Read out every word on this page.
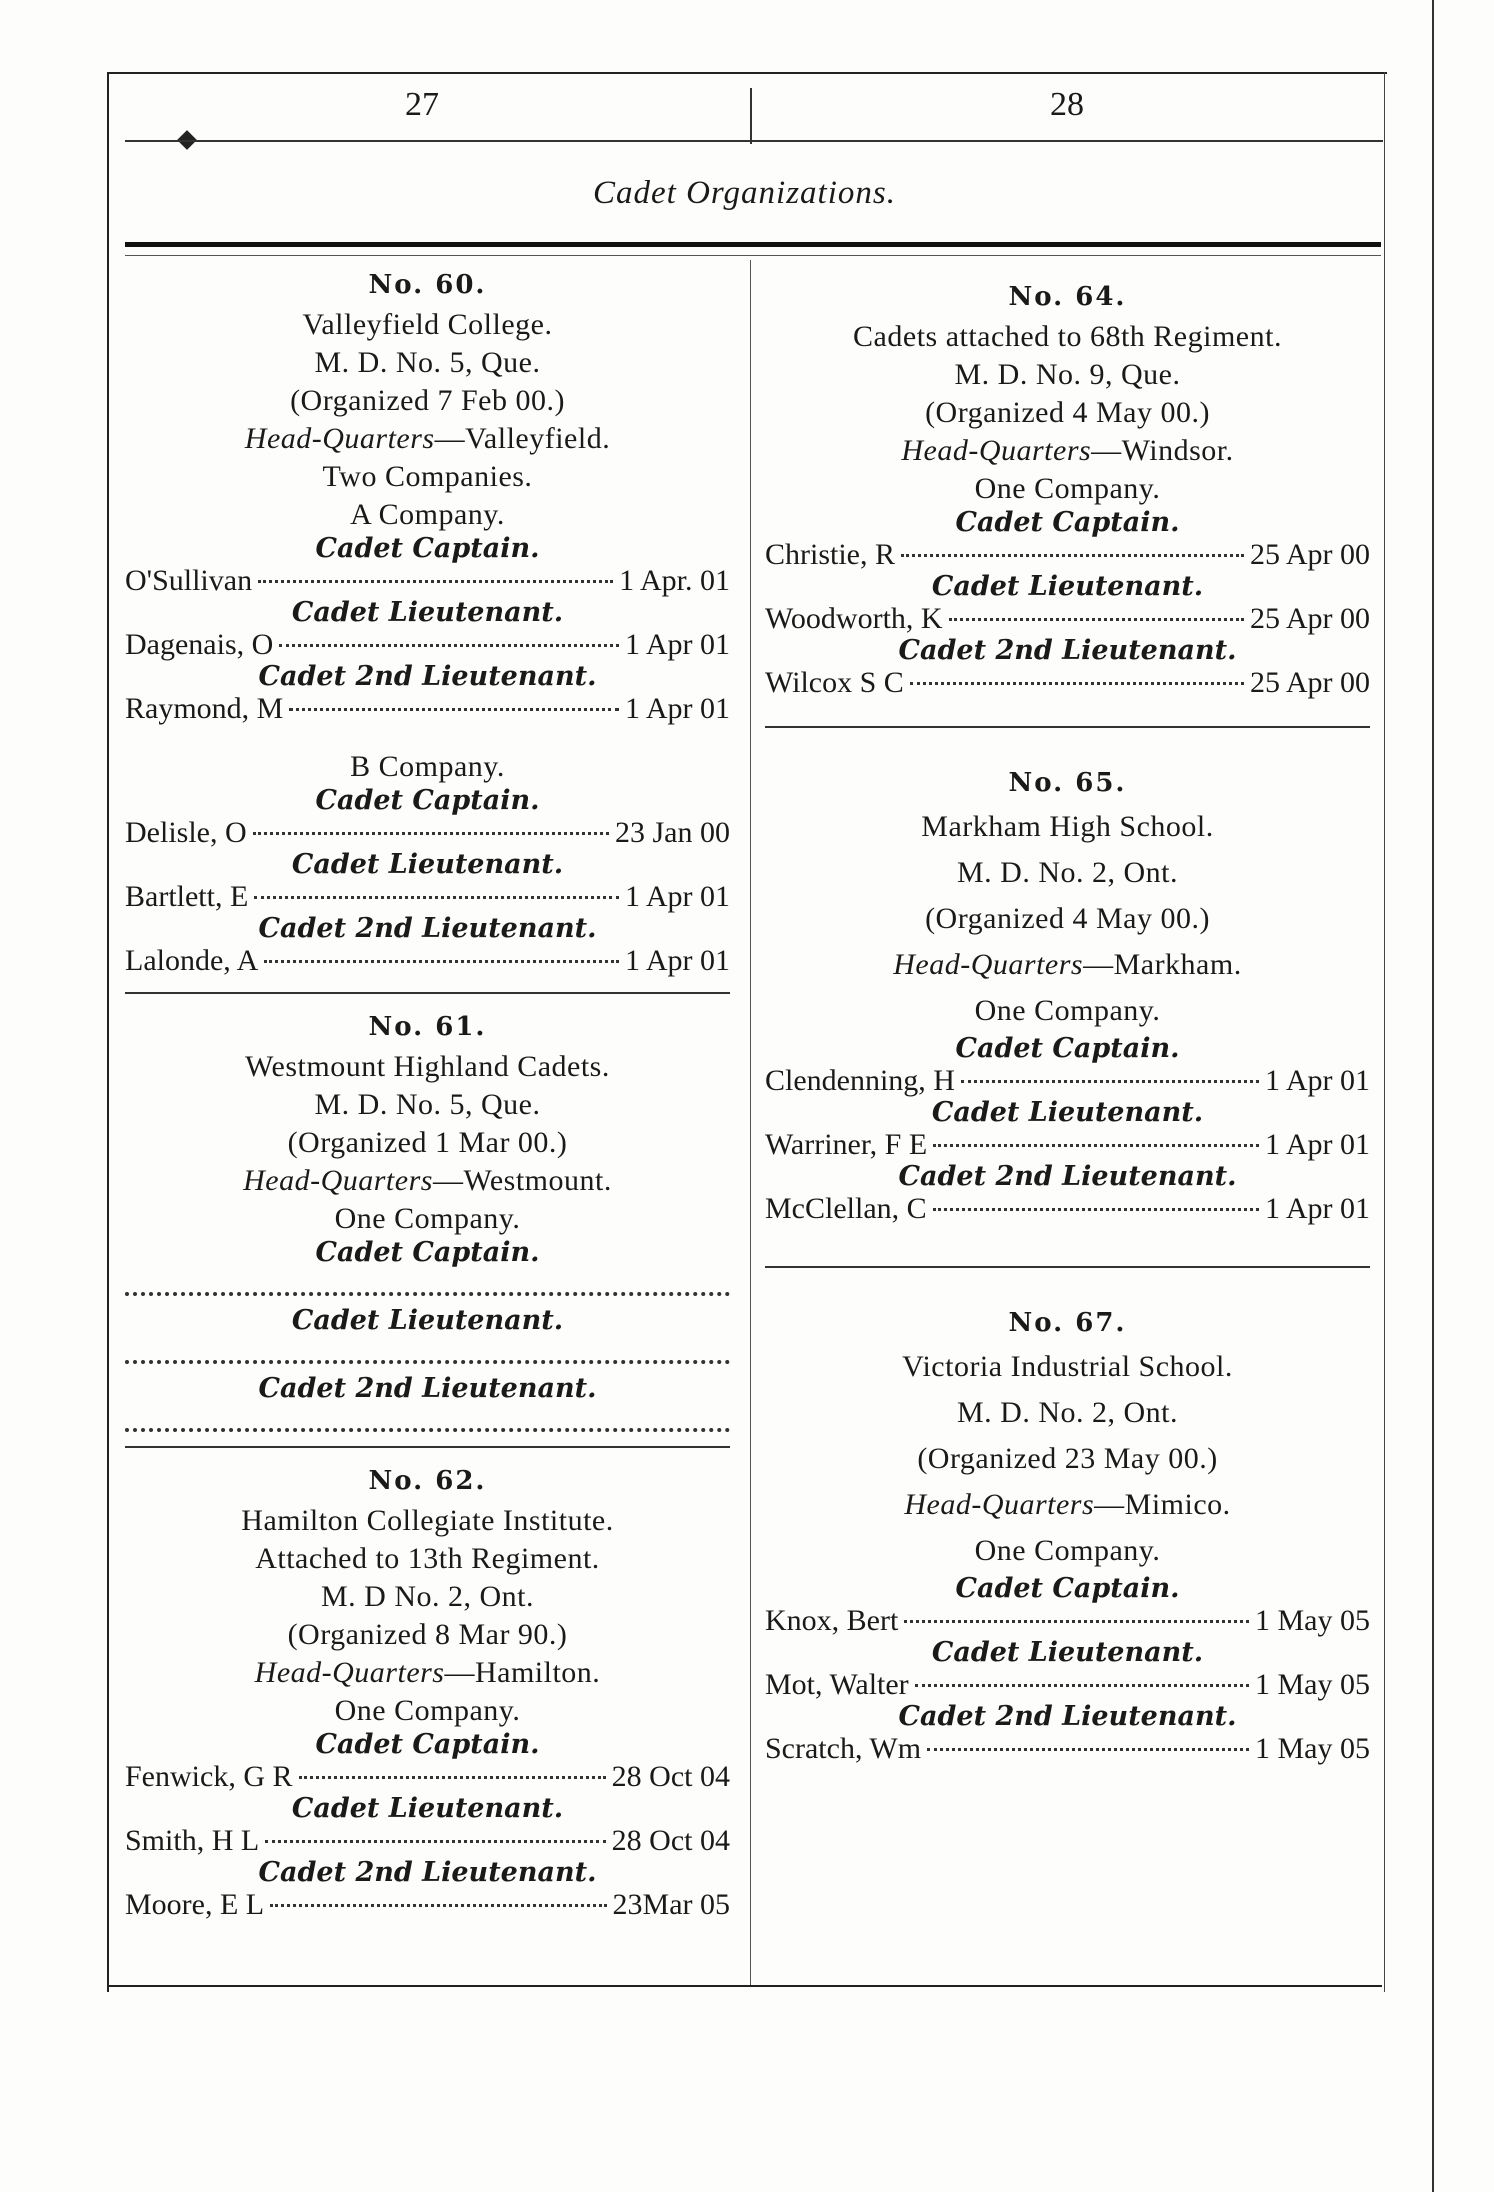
27	28
Cadet Organizations.
No. 60.
Valleyfield College.
M. D. No. 5, Que.
(Organized 7 Feb 00.)
Head-Quarters—Valleyfield.
Two Companies.
A Company.
Cadet Captain.
O'Sullivan	1 Apr. 01
Cadet Lieutenant.
Dagenais, O	1 Apr 01
Cadet 2nd Lieutenant.
Raymond, M	1 Apr 01
B Company.
Cadet Captain.
Delisle, O	23 Jan 00
Cadet Lieutenant.
Bartlett, E	1 Apr 01
Cadet 2nd Lieutenant.
Lalonde, A	1 Apr 01
No. 61.
Westmount Highland Cadets.
M. D. No. 5, Que.
(Organized 1 Mar 00.)
Head-Quarters—Westmount.
One Company.
Cadet Captain.
Cadet Lieutenant.
Cadet 2nd Lieutenant.
No. 62.
Hamilton Collegiate Institute.
Attached to 13th Regiment.
M. D No. 2, Ont.
(Organized 8 Mar 90.)
Head-Quarters—Hamilton.
One Company.
Cadet Captain.
Fenwick, G R	28 Oct 04
Cadet Lieutenant.
Smith, H L	28 Oct 04
Cadet 2nd Lieutenant.
Moore, E L	23Mar 05
No. 64.
Cadets attached to 68th Regiment.
M. D. No. 9, Que.
(Organized 4 May 00.)
Head-Quarters—Windsor.
One Company.
Cadet Captain.
Christie, R	25 Apr 00
Cadet Lieutenant.
Woodworth, K	25 Apr 00
Cadet 2nd Lieutenant.
Wilcox S C	25 Apr 00
No. 65.
Markham High School.
M. D. No. 2, Ont.
(Organized 4 May 00.)
Head-Quarters—Markham.
One Company.
Cadet Captain.
Clendenning, H	1 Apr 01
Cadet Lieutenant.
Warriner, F E	1 Apr 01
Cadet 2nd Lieutenant.
McClellan, C	1 Apr 01
No. 67.
Victoria Industrial School.
M. D. No. 2, Ont.
(Organized 23 May 00.)
Head-Quarters—Mimico.
One Company.
Cadet Captain.
Knox, Bert	1 May 05
Cadet Lieutenant.
Mot, Walter	1 May 05
Cadet 2nd Lieutenant.
Scratch, Wm	1 May 05
